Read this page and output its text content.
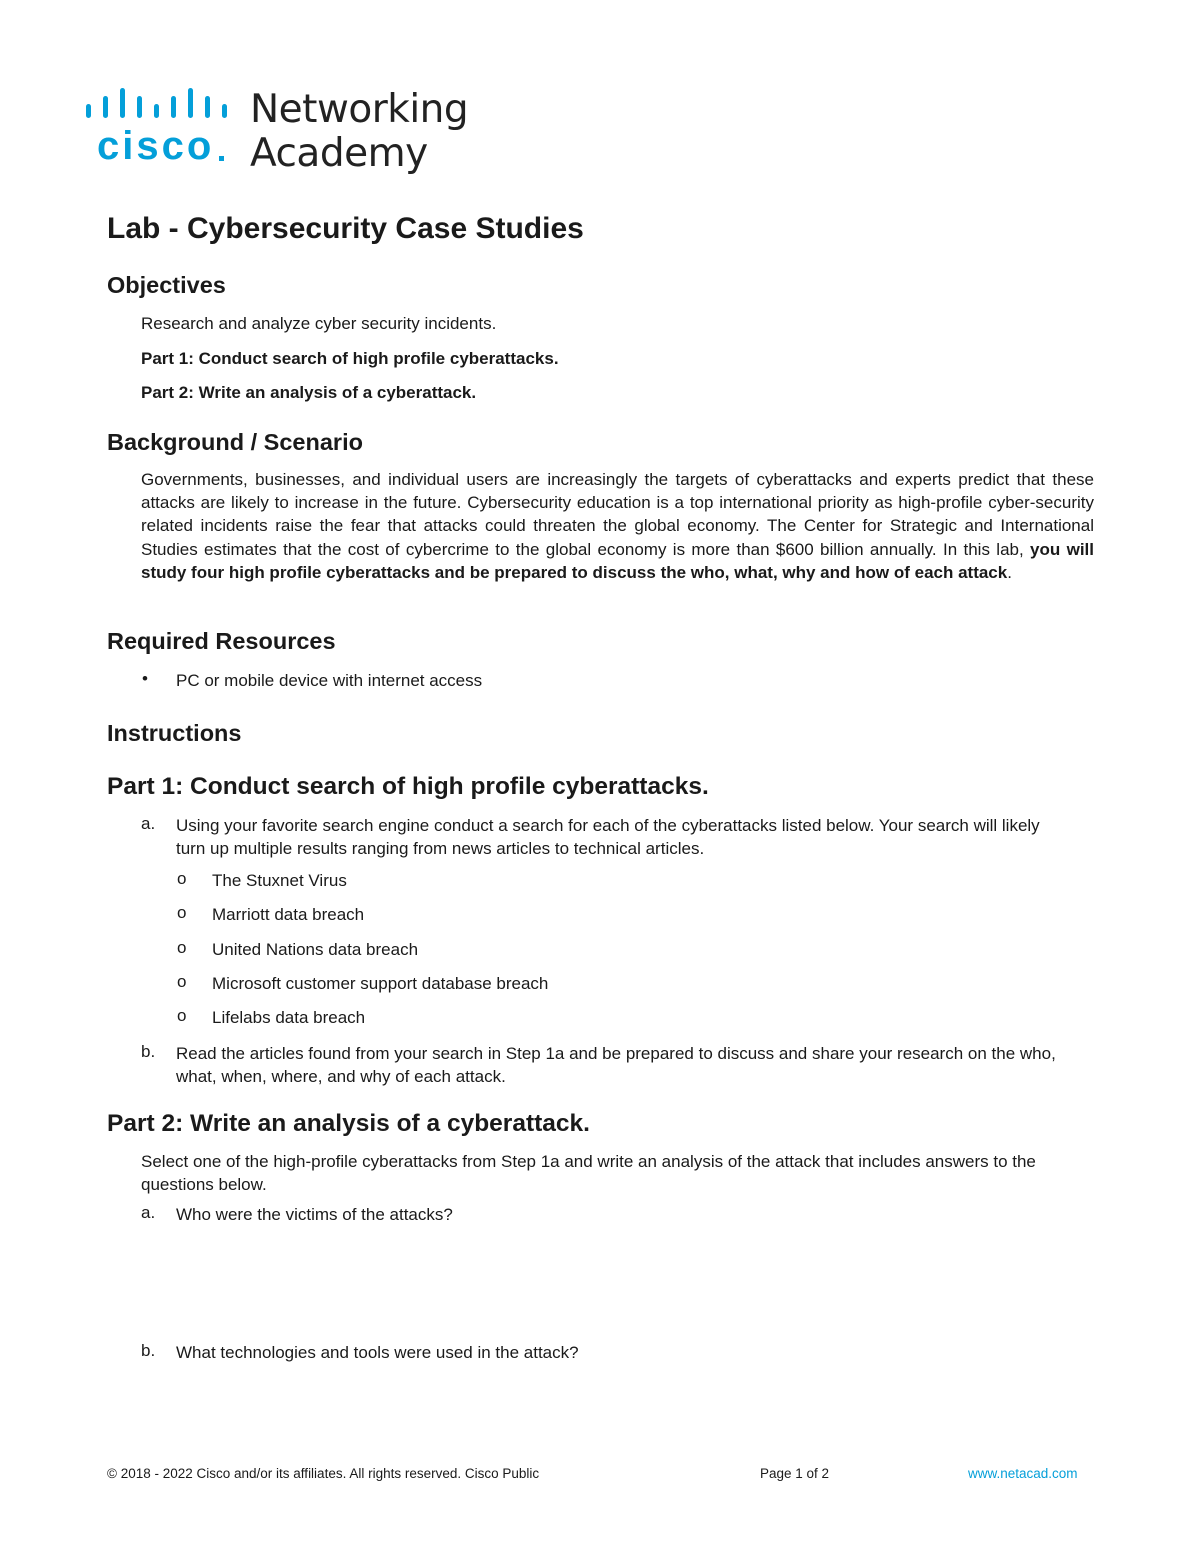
cisco
Networking
Academy
Lab - Cybersecurity Case Studies
Objectives
Research and analyze cyber security incidents.
Part 1: Conduct search of high profile cyberattacks.
Part 2: Write an analysis of a cyberattack.
Background / Scenario
Governments, businesses, and individual users are increasingly the targets of cyberattacks and experts predict that these attacks are likely to increase in the future. Cybersecurity education is a top international priority as high-profile cyber-security related incidents raise the fear that attacks could threaten the global economy. The Center for Strategic and International Studies estimates that the cost of cybercrime to the global economy is more than $600 billion annually. In this lab, you will study four high profile cyberattacks and be prepared to discuss the who, what, why and how of each attack.
Required Resources
• PC or mobile device with internet access
Instructions
Part 1: Conduct search of high profile cyberattacks.
a. Using your favorite search engine conduct a search for each of the cyberattacks listed below. Your search will likely turn up multiple results ranging from news articles to technical articles.
o The Stuxnet Virus
o Marriott data breach
o United Nations data breach
o Microsoft customer support database breach
o Lifelabs data breach
b. Read the articles found from your search in Step 1a and be prepared to discuss and share your research on the who, what, when, where, and why of each attack.
Part 2: Write an analysis of a cyberattack.
Select one of the high-profile cyberattacks from Step 1a and write an analysis of the attack that includes answers to the questions below.
a. Who were the victims of the attacks?
b. What technologies and tools were used in the attack?
© 2018 - 2022 Cisco and/or its affiliates. All rights reserved. Cisco Public	Page 1 of 2	www.netacad.com
